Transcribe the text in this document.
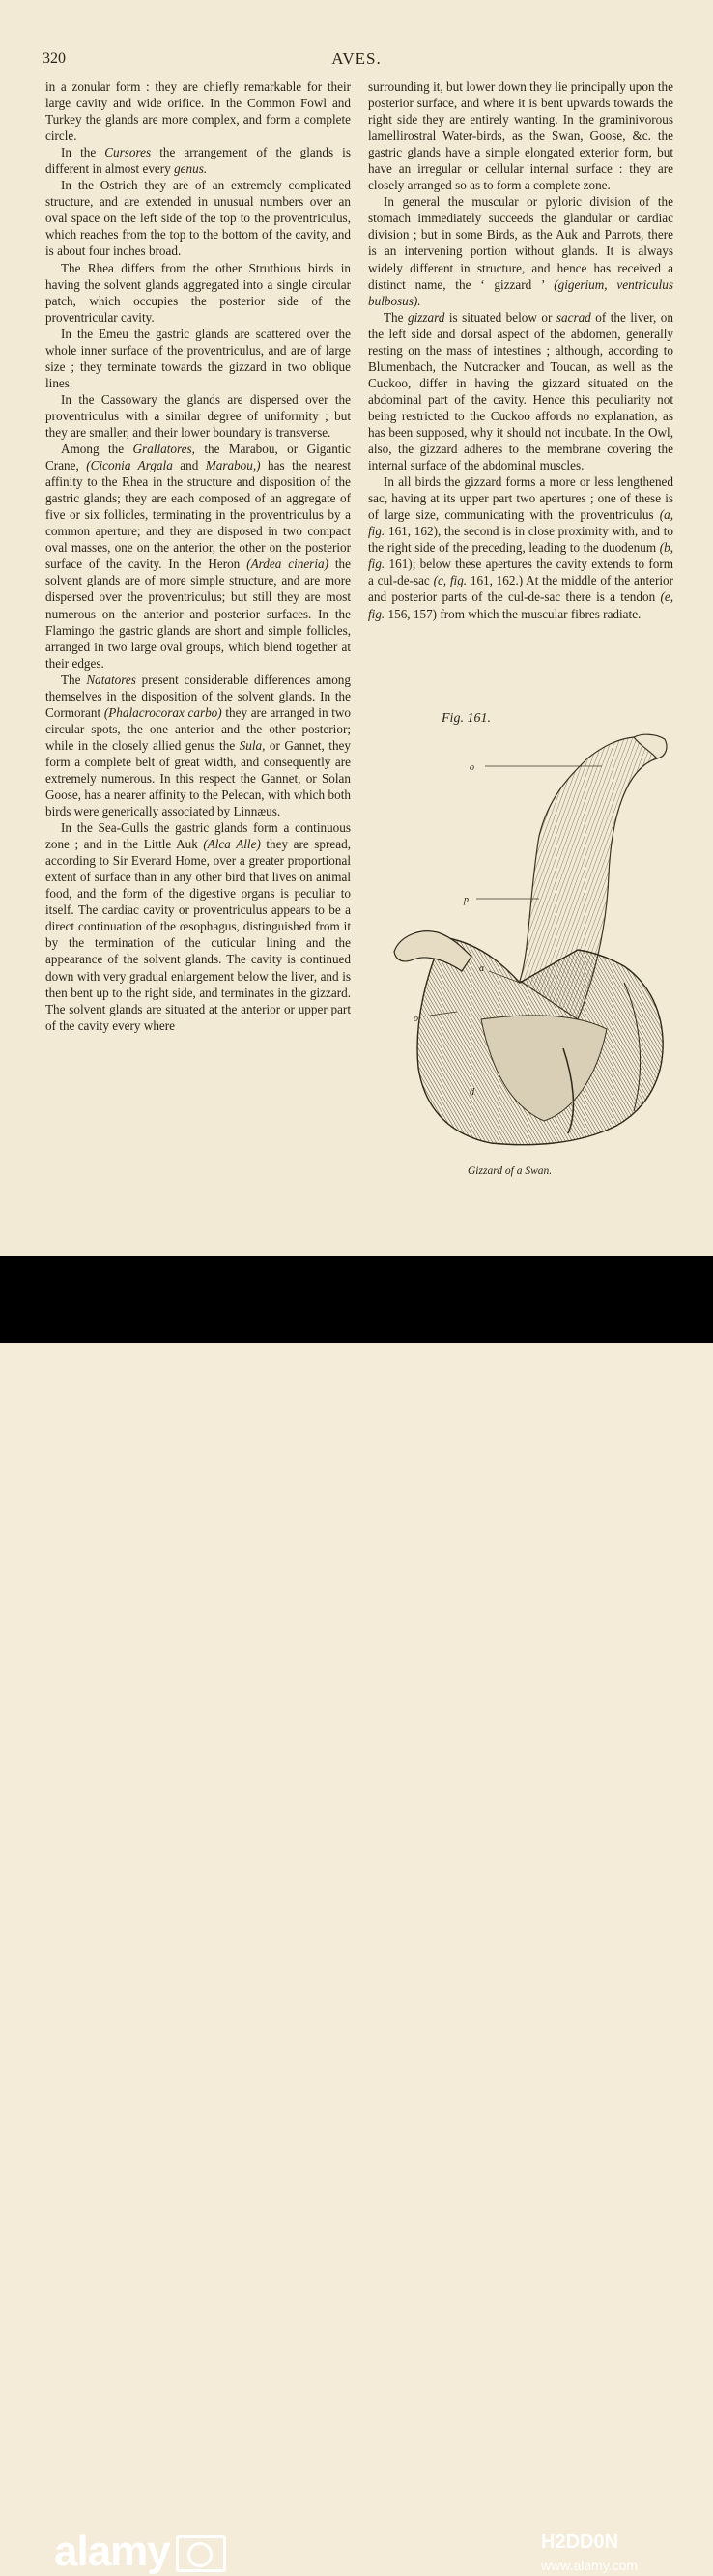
320	AVES.

in a zonular form : they are chiefly remarkable for their large cavity and wide orifice. In the Common Fowl and Turkey the glands are more complex, and form a complete circle.

In the Cursores the arrangement of the glands is different in almost every genus.

In the Ostrich they are of an extremely complicated structure, and are extended in unusual numbers over an oval space on the left side of the top to the proventriculus, which reaches from the top to the bottom of the cavity, and is about four inches broad.

The Rhea differs from the other Struthious birds in having the solvent glands aggregated into a single circular patch, which occupies the posterior side of the proventricular cavity.

In the Emeu the gastric glands are scattered over the whole inner surface of the proventriculus, and are of large size ; they terminate towards the gizzard in two oblique lines.

In the Cassowary the glands are dispersed over the proventriculus with a similar degree of uniformity ; but they are smaller, and their lower boundary is transverse.

Among the Grallatores, the Marabou, or Gigantic Crane, (Ciconia Argala and Marabou,) has the nearest affinity to the Rhea in the structure and disposition of the gastric glands; they are each composed of an aggregate of five or six follicles, terminating in the proventriculus by a common aperture; and they are disposed in two compact oval masses, one on the anterior, the other on the posterior surface of the cavity. In the Heron (Ardea cineria) the solvent glands are of more simple structure, and are more dispersed over the proventriculus; but still they are most numerous on the anterior and posterior surfaces. In the Flamingo the gastric glands are short and simple follicles, arranged in two large oval groups, which blend together at their edges.

The Natatores present considerable differences among themselves in the disposition of the solvent glands. In the Cormorant (Phalacrocorax carbo) they are arranged in two circular spots, the one anterior and the other posterior; while in the closely allied genus the Sula, or Gannet, they form a complete belt of great width, and consequently are extremely numerous. In this respect the Gannet, or Solan Goose, has a nearer affinity to the Pelecan, with which both birds were generically associated by Linnæus.

In the Sea-Gulls the gastric glands form a continuous zone ; and in the Little Auk (Alca Alle) they are spread, according to Sir Everard Home, over a greater proportional extent of surface than in any other bird that lives on animal food, and the form of the digestive organs is peculiar to itself. The cardiac cavity or proventriculus appears to be a direct continuation of the œsophagus, distinguished from it by the termination of the cuticular lining and the appearance of the solvent glands. The cavity is continued down with very gradual enlargement below the liver, and is then bent up to the right side, and terminates in the gizzard. The solvent glands are situated at the anterior or upper part of the cavity every where

surrounding it, but lower down they lie principally upon the posterior surface, and where it is bent upwards towards the right side they are entirely wanting. In the graminivorous lamellirostral Water-birds, as the Swan, Goose, &c. the gastric glands have a simple elongated exterior form, but have an irregular or cellular internal surface : they are closely arranged so as to form a complete zone.

In general the muscular or pyloric division of the stomach immediately succeeds the glandular or cardiac division ; but in some Birds, as the Auk and Parrots, there is an intervening portion without glands. It is always widely different in structure, and hence has received a distinct name, the ‘ gizzard ’ (gigerium, ventriculus bulbosus).

The gizzard is situated below or sacrad of the liver, on the left side and dorsal aspect of the abdomen, generally resting on the mass of intestines ; although, according to Blumenbach, the Nutcracker and Toucan, as well as the Cuckoo, differ in having the gizzard situated on the abdominal part of the cavity. Hence this peculiarity not being restricted to the Cuckoo affords no explanation, as has been supposed, why it should not incubate. In the Owl, also, the gizzard adheres to the membrane covering the internal surface of the abdominal muscles.

In all birds the gizzard forms a more or less lengthened sac, having at its upper part two apertures ; one of these is of large size, communicating with the proventriculus (a, fig. 161, 162), the second is in close proximity with, and to the right side of the preceding, leading to the duodenum (b, fig. 161); below these apertures the cavity extends to form a cul-de-sac (c, fig. 161, 162.) At the middle of the anterior and posterior parts of the cul-de-sac there is a tendon (e, fig. 156, 157) from which the muscular fibres radiate.

Fig. 161.
o
p
a
o
d
Gizzard of a Swan.
alamy	H2DD0N
www.alamy.com
